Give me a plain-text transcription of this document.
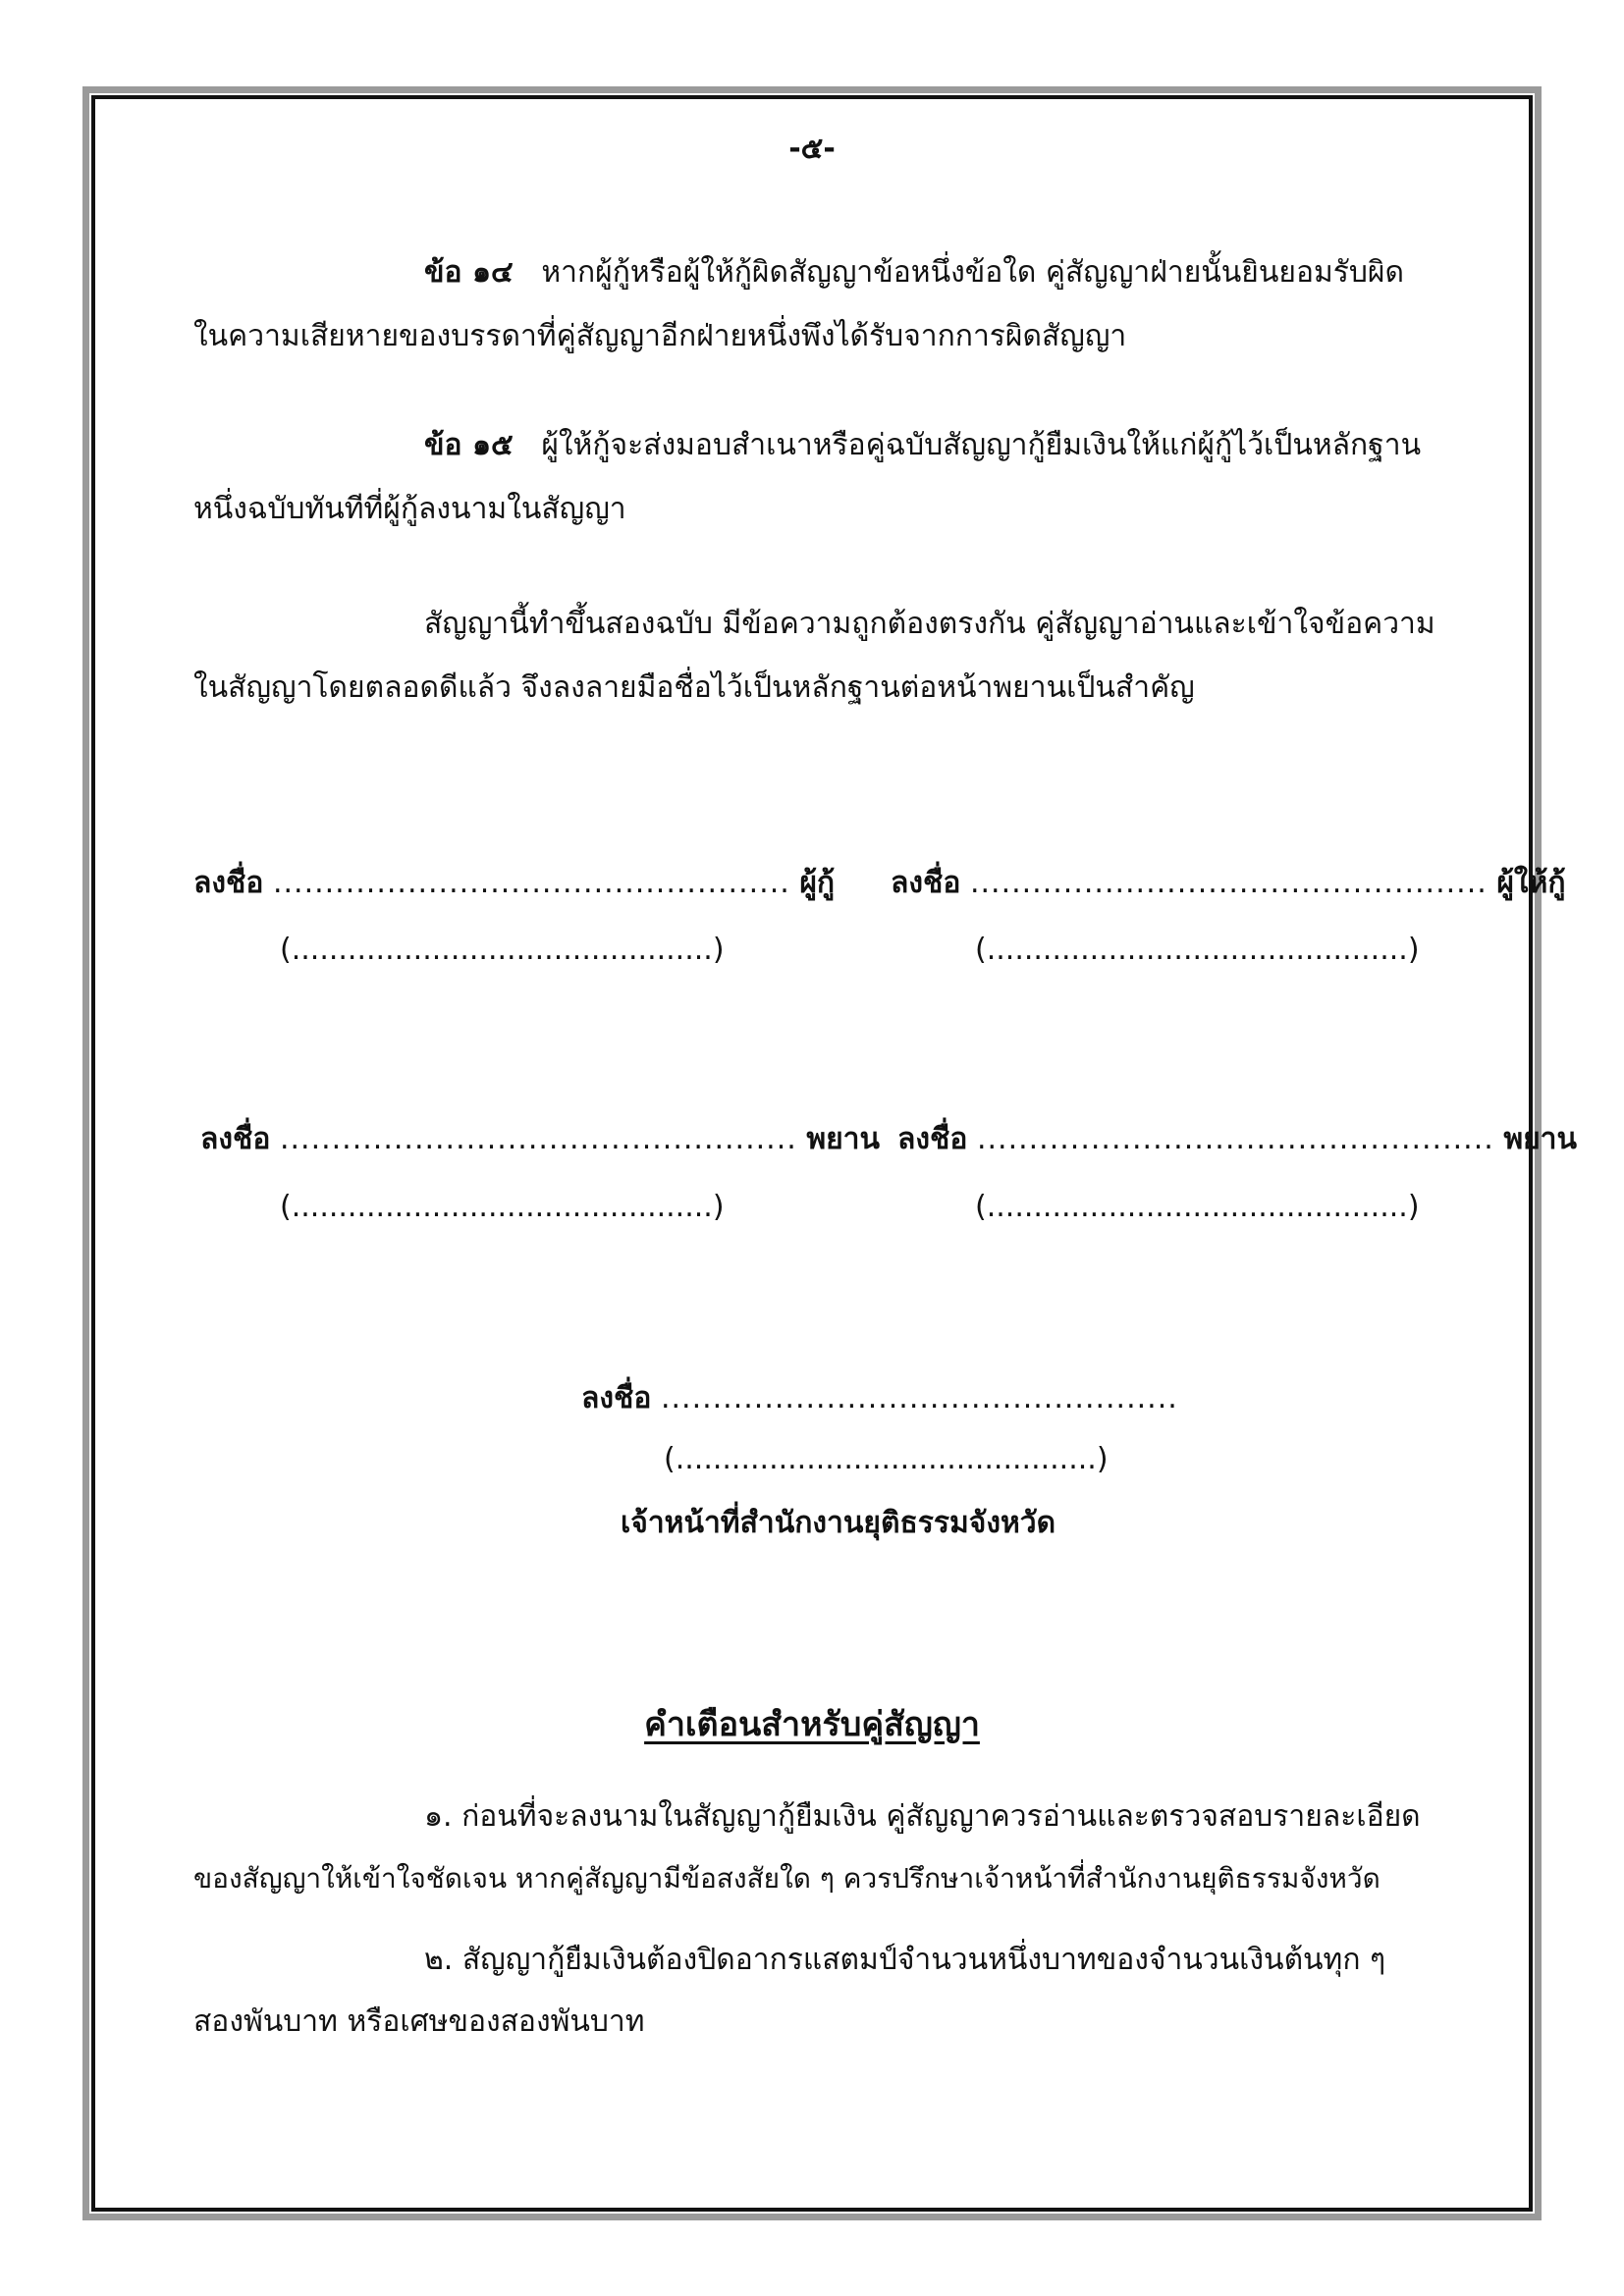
-๕-
ข้อ ๑๔ หากผู้กู้หรือผู้ให้กู้ผิดสัญญาข้อหนึ่งข้อใด คู่สัญญาฝ่ายนั้นยินยอมรับผิด
ในความเสียหายของบรรดาที่คู่สัญญาอีกฝ่ายหนึ่งพึงได้รับจากการผิดสัญญา
ข้อ ๑๕ ผู้ให้กู้จะส่งมอบสำเนาหรือคู่ฉบับสัญญากู้ยืมเงินให้แก่ผู้กู้ไว้เป็นหลักฐาน
หนึ่งฉบับทันทีที่ผู้กู้ลงนามในสัญญา
สัญญานี้ทำขึ้นสองฉบับ มีข้อความถูกต้องตรงกัน คู่สัญญาอ่านและเข้าใจข้อความ
ในสัญญาโดยตลอดดีแล้ว จึงลงลายมือชื่อไว้เป็นหลักฐานต่อหน้าพยานเป็นสำคัญ
ลงชื่อ .................................................. ผู้กู้
(.............................................)
ลงชื่อ .................................................. ผู้ให้กู้
(.............................................)
ลงชื่อ .................................................. พยาน
(.............................................)
ลงชื่อ .................................................. พยาน
(.............................................)
ลงชื่อ ..................................................
(.............................................)
เจ้าหน้าที่สำนักงานยุติธรรมจังหวัด
คำเตือนสำหรับคู่สัญญา
๑. ก่อนที่จะลงนามในสัญญากู้ยืมเงิน คู่สัญญาควรอ่านและตรวจสอบรายละเอียด
ของสัญญาให้เข้าใจชัดเจน หากคู่สัญญามีข้อสงสัยใด ๆ ควรปรึกษาเจ้าหน้าที่สำนักงานยุติธรรมจังหวัด
๒. สัญญากู้ยืมเงินต้องปิดอากรแสตมป์จำนวนหนึ่งบาทของจำนวนเงินต้นทุก ๆ
สองพันบาท หรือเศษของสองพันบาท
